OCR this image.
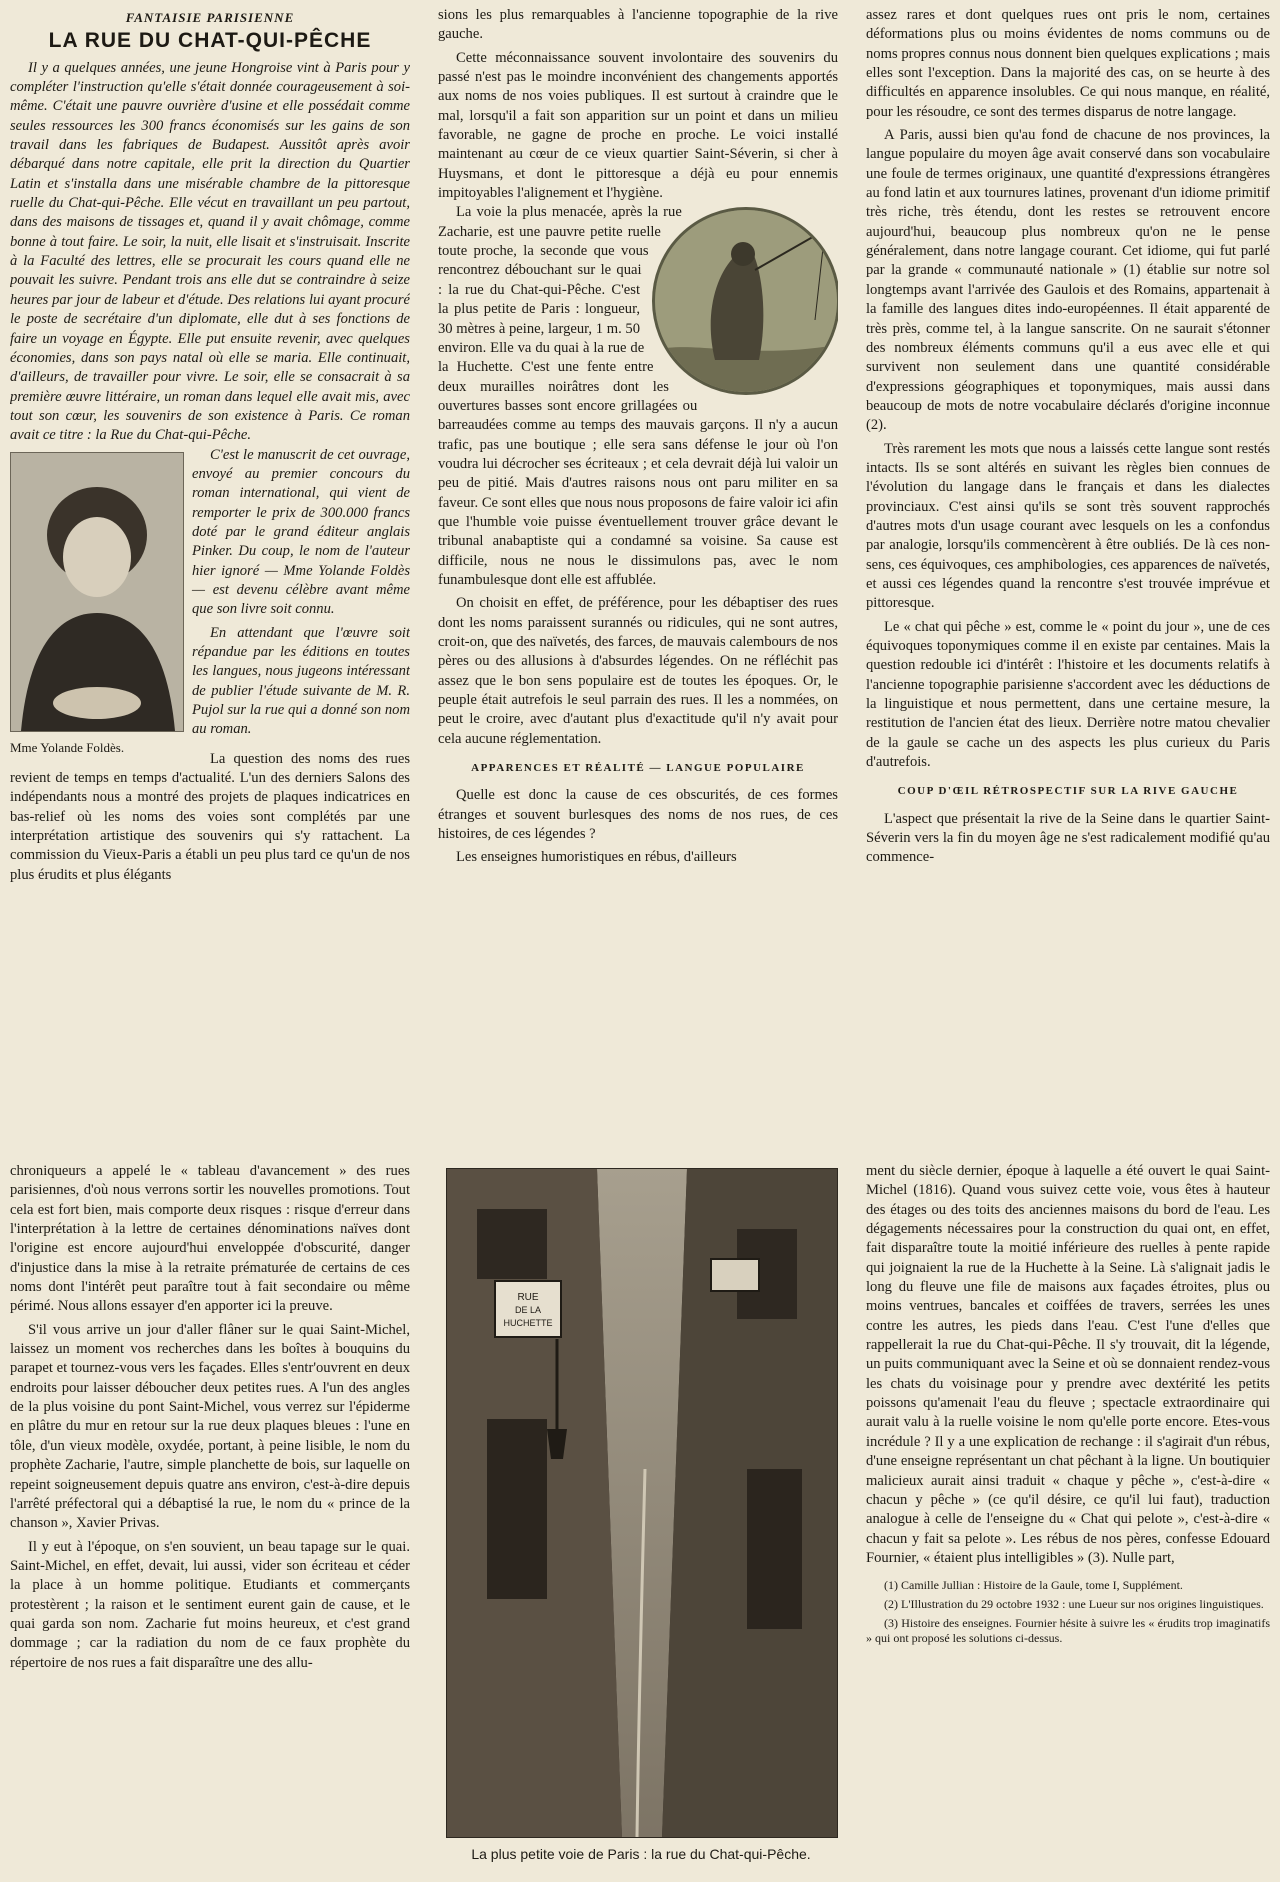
FANTAISIE PARISIENNE
LA RUE DU CHAT-QUI-PÊCHE

Il y a quelques années, une jeune Hongroise vint à Paris pour y compléter l'instruction qu'elle s'était donnée courageusement à soi-même. C'était une pauvre ouvrière d'usine et elle possédait comme seules ressources les 300 francs économisés sur les gains de son travail dans les fabriques de Budapest. Aussitôt après avoir débarqué dans notre capitale, elle prit la direction du Quartier Latin et s'installa dans une misérable chambre de la pittoresque ruelle du Chat-qui-Pêche. Elle vécut en travaillant un peu partout, dans des maisons de tissages et, quand il y avait chômage, comme bonne à tout faire. Le soir, la nuit, elle lisait et s'instruisait. Inscrite à la Faculté des lettres, elle se procurait les cours quand elle ne pouvait les suivre. Pendant trois ans elle dut se contraindre à seize heures par jour de labeur et d'étude. Des relations lui ayant procuré le poste de secrétaire d'un diplomate, elle dut à ses fonctions de faire un voyage en Égypte. Elle put ensuite revenir, avec quelques économies, dans son pays natal où elle se maria. Elle continuait, d'ailleurs, de travailler pour vivre. Le soir, elle se consacrait à sa première œuvre littéraire, un roman dans lequel elle avait mis, avec tout son cœur, les souvenirs de son existence à Paris. Ce roman avait ce titre : la Rue du Chat-qui-Pêche.

Mme Yolande Foldès.

C'est le manuscrit de cet ouvrage, envoyé au premier concours du roman international, qui vient de remporter le prix de 300.000 francs doté par le grand éditeur anglais Pinker. Du coup, le nom de l'auteur hier ignoré — Mme Yolande Foldès — est devenu célèbre avant même que son livre soit connu.

En attendant que l'œuvre soit répandue par les éditions en toutes les langues, nous jugeons intéressant de publier l'étude suivante de M. R. Pujol sur la rue qui a donné son nom au roman.

La question des noms des rues revient de temps en temps d'actualité. L'un des derniers Salons des indépendants nous a montré des projets de plaques indicatrices en bas-relief où les noms des voies sont complétés par une interprétation artistique des souvenirs qui s'y rattachent. La commission du Vieux-Paris a établi un peu plus tard ce qu'un de nos plus érudits et plus élégants

sions les plus remarquables à l'ancienne topographie de la rive gauche.

Cette méconnaissance souvent involontaire des souvenirs du passé n'est pas le moindre inconvénient des changements apportés aux noms de nos voies publiques. Il est surtout à craindre que le mal, lorsqu'il a fait son apparition sur un point et dans un milieu favorable, ne gagne de proche en proche. Le voici installé maintenant au cœur de ce vieux quartier Saint-Séverin, si cher à Huysmans, et dont le pittoresque a déjà eu pour ennemis impitoyables l'alignement et l'hygiène.

La voie la plus menacée, après la rue Zacharie, est une pauvre petite ruelle toute proche, la seconde que vous rencontrez débouchant sur le quai : la rue du Chat-qui-Pêche. C'est la plus petite de Paris : longueur, 30 mètres à peine, largeur, 1 m. 50 environ. Elle va du quai à la rue de la Huchette. C'est une fente entre deux murailles noirâtres dont les ouvertures basses sont encore grillagées ou barreaudées comme au temps des mauvais garçons. Il n'y a aucun trafic, pas une boutique ; elle sera sans défense le jour où l'on voudra lui décrocher ses écriteaux ; et cela devrait déjà lui valoir un peu de pitié. Mais d'autres raisons nous ont paru militer en sa faveur. Ce sont elles que nous nous proposons de faire valoir ici afin que l'humble voie puisse éventuellement trouver grâce devant le tribunal anabaptiste qui a condamné sa voisine. Sa cause est difficile, nous ne nous le dissimulons pas, avec le nom funambulesque dont elle est affublée.

On choisit en effet, de préférence, pour les débaptiser des rues dont les noms paraissent surannés ou ridicules, qui ne sont autres, croit-on, que des naïvetés, des farces, de mauvais calembours de nos pères ou des allusions à d'absurdes légendes. On ne réfléchit pas assez que le bon sens populaire est de toutes les époques. Or, le peuple était autrefois le seul parrain des rues. Il les a nommées, on peut le croire, avec d'autant plus d'exactitude qu'il n'y avait pour cela aucune réglementation.

APPARENCES ET RÉALITÉ — LANGUE POPULAIRE

Quelle est donc la cause de ces obscurités, de ces formes étranges et souvent burlesques des noms de nos rues, de ces histoires, de ces légendes ?

Les enseignes humoristiques en rébus, d'ailleurs

assez rares et dont quelques rues ont pris le nom, certaines déformations plus ou moins évidentes de noms communs ou de noms propres connus nous donnent bien quelques explications ; mais elles sont l'exception. Dans la majorité des cas, on se heurte à des difficultés en apparence insolubles. Ce qui nous manque, en réalité, pour les résoudre, ce sont des termes disparus de notre langage.

A Paris, aussi bien qu'au fond de chacune de nos provinces, la langue populaire du moyen âge avait conservé dans son vocabulaire une foule de termes originaux, une quantité d'expressions étrangères au fond latin et aux tournures latines, provenant d'un idiome primitif très riche, très étendu, dont les restes se retrouvent encore aujourd'hui, beaucoup plus nombreux qu'on ne le pense généralement, dans notre langage courant. Cet idiome, qui fut parlé par la grande « communauté nationale » (1) établie sur notre sol longtemps avant l'arrivée des Gaulois et des Romains, appartenait à la famille des langues dites indo-européennes. Il était apparenté de très près, comme tel, à la langue sanscrite. On ne saurait s'étonner des nombreux éléments communs qu'il a eus avec elle et qui survivent non seulement dans une quantité considérable d'expressions géographiques et toponymiques, mais aussi dans beaucoup de mots de notre vocabulaire déclarés d'origine inconnue (2).

Très rarement les mots que nous a laissés cette langue sont restés intacts. Ils se sont altérés en suivant les règles bien connues de l'évolution du langage dans le français et dans les dialectes provinciaux. C'est ainsi qu'ils se sont très souvent rapprochés d'autres mots d'un usage courant avec lesquels on les a confondus par analogie, lorsqu'ils commencèrent à être oubliés. De là ces non-sens, ces équivoques, ces amphibologies, ces apparences de naïvetés, et aussi ces légendes quand la rencontre s'est trouvée imprévue et pittoresque.

Le « chat qui pêche » est, comme le « point du jour », une de ces équivoques toponymiques comme il en existe par centaines. Mais la question redouble ici d'intérêt : l'histoire et les documents relatifs à l'ancienne topographie parisienne s'accordent avec les déductions de la linguistique et nous permettent, dans une certaine mesure, la restitution de l'ancien état des lieux. Derrière notre matou chevalier de la gaule se cache un des aspects les plus curieux du Paris d'autrefois.

COUP D'ŒIL RÉTROSPECTIF SUR LA RIVE GAUCHE

L'aspect que présentait la rive de la Seine dans le quartier Saint-Séverin vers la fin du moyen âge ne s'est radicalement modifié qu'au commence-

chroniqueurs a appelé le « tableau d'avancement » des rues parisiennes, d'où nous verrons sortir les nouvelles promotions. Tout cela est fort bien, mais comporte deux risques : risque d'erreur dans l'interprétation à la lettre de certaines dénominations naïves dont l'origine est encore aujourd'hui enveloppée d'obscurité, danger d'injustice dans la mise à la retraite prématurée de certains de ces noms dont l'intérêt peut paraître tout à fait secondaire ou même périmé. Nous allons essayer d'en apporter ici la preuve.

S'il vous arrive un jour d'aller flâner sur le quai Saint-Michel, laissez un moment vos recherches dans les boîtes à bouquins du parapet et tournez-vous vers les façades. Elles s'entr'ouvrent en deux endroits pour laisser déboucher deux petites rues. A l'un des angles de la plus voisine du pont Saint-Michel, vous verrez sur l'épiderme en plâtre du mur en retour sur la rue deux plaques bleues : l'une en tôle, d'un vieux modèle, oxydée, portant, à peine lisible, le nom du prophète Zacharie, l'autre, simple planchette de bois, sur laquelle on repeint soigneusement depuis quatre ans environ, c'est-à-dire depuis l'arrêté préfectoral qui a débaptisé la rue, le nom du « prince de la chanson », Xavier Privas.

Il y eut à l'époque, on s'en souvient, un beau tapage sur le quai. Saint-Michel, en effet, devait, lui aussi, vider son écriteau et céder la place à un homme politique. Etudiants et commerçants protestèrent ; la raison et le sentiment eurent gain de cause, et le quai garda son nom. Zacharie fut moins heureux, et c'est grand dommage ; car la radiation du nom de ce faux prophète du répertoire de nos rues a fait disparaître une des allu-

RUE
DE LA
HUCHETTE
La plus petite voie de Paris : la rue du Chat-qui-Pêche.

ment du siècle dernier, époque à laquelle a été ouvert le quai Saint-Michel (1816). Quand vous suivez cette voie, vous êtes à hauteur des étages ou des toits des anciennes maisons du bord de l'eau. Les dégagements nécessaires pour la construction du quai ont, en effet, fait disparaître toute la moitié inférieure des ruelles à pente rapide qui joignaient la rue de la Huchette à la Seine. Là s'alignait jadis le long du fleuve une file de maisons aux façades étroites, plus ou moins ventrues, bancales et coiffées de travers, serrées les unes contre les autres, les pieds dans l'eau. C'est l'une d'elles que rappellerait la rue du Chat-qui-Pêche. Il s'y trouvait, dit la légende, un puits communiquant avec la Seine et où se donnaient rendez-vous les chats du voisinage pour y prendre avec dextérité les petits poissons qu'amenait l'eau du fleuve ; spectacle extraordinaire qui aurait valu à la ruelle voisine le nom qu'elle porte encore. Etes-vous incrédule ? Il y a une explication de rechange : il s'agirait d'un rébus, d'une enseigne représentant un chat pêchant à la ligne. Un boutiquier malicieux aurait ainsi traduit « chaque y pêche », c'est-à-dire « chacun y pêche » (ce qu'il désire, ce qu'il lui faut), traduction analogue à celle de l'enseigne du « Chat qui pelote », c'est-à-dire « chacun y fait sa pelote ». Les rébus de nos pères, confesse Edouard Fournier, « étaient plus intelligibles » (3). Nulle part,

(1) Camille Jullian : Histoire de la Gaule, tome I, Supplément.

(2) L'Illustration du 29 octobre 1932 : une Lueur sur nos origines linguistiques.

(3) Histoire des enseignes. Fournier hésite à suivre les « érudits trop imaginatifs » qui ont proposé les solutions ci-dessus.
